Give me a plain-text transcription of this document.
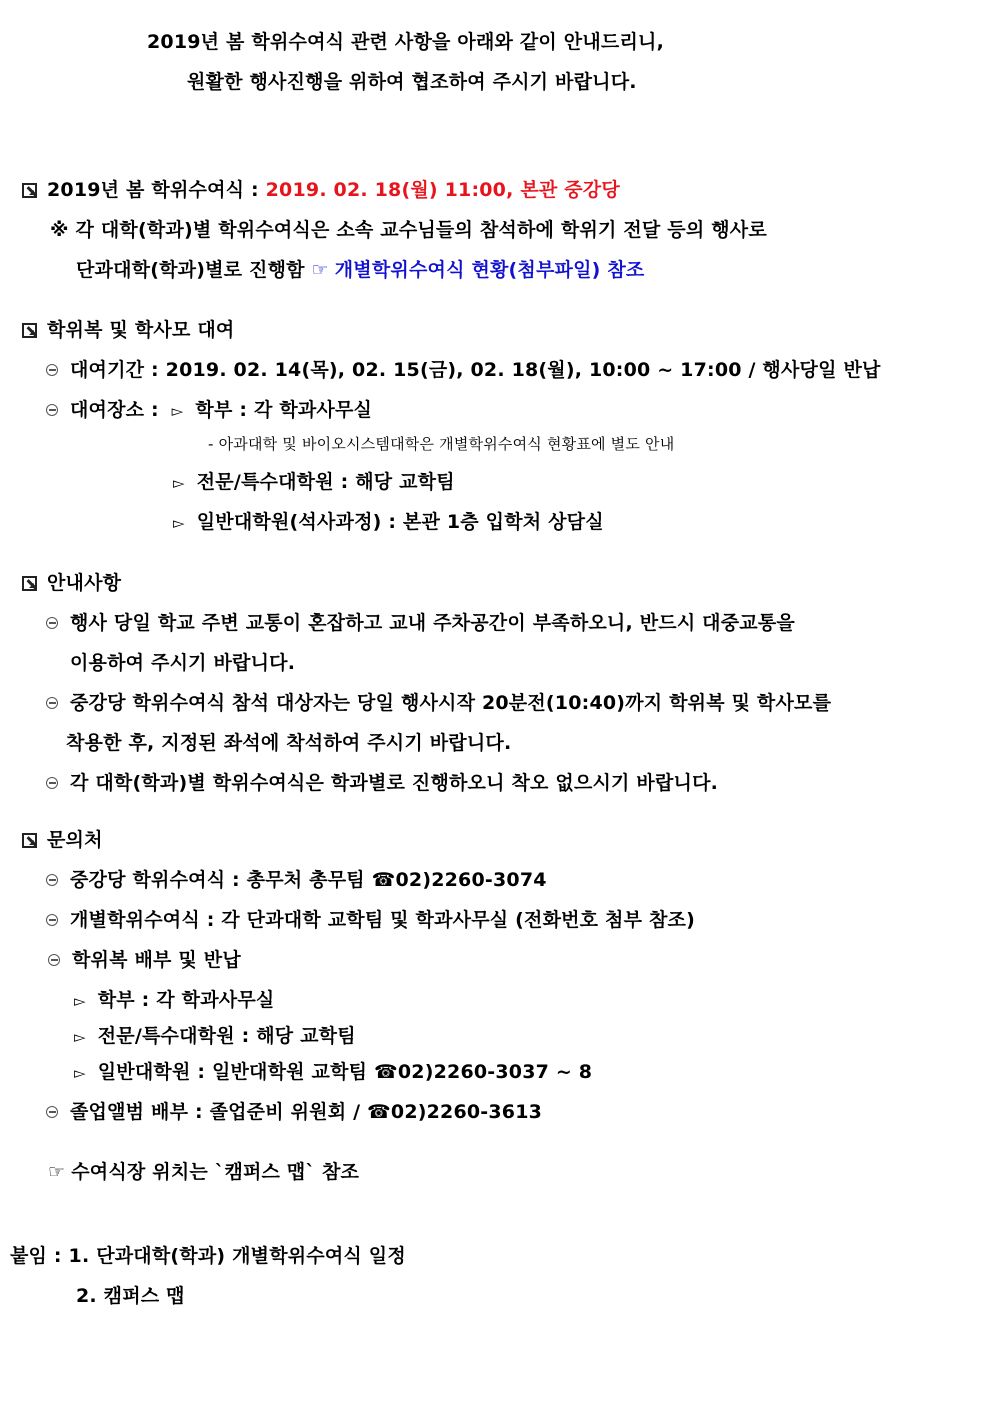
2019년 봄 학위수여식 관련 사항을 아래와 같이 안내드리니,
원활한 행사진행을 위하여 협조하여 주시기 바랍니다.
2019년 봄 학위수여식 : 2019. 02. 18(월) 11:00, 본관 중강당
※ 각 대학(학과)별 학위수여식은 소속 교수님들의 참석하에 학위기 전달 등의 행사로
단과대학(학과)별로 진행함 ☞ 개별학위수여식 현황(첨부파일) 참조
학위복 및 학사모 대여
대여기간 : 2019. 02. 14(목), 02. 15(금), 02. 18(월), 10:00 ~ 17:00 / 행사당일 반납
대여장소 : ▻ 학부 : 각 학과사무실
- 아과대학 및 바이오시스템대학은 개별학위수여식 현황표에 별도 안내
▻ 전문/특수대학원 : 해당 교학팀
▻ 일반대학원(석사과정) : 본관 1층 입학처 상담실
안내사항
행사 당일 학교 주변 교통이 혼잡하고 교내 주차공간이 부족하오니, 반드시 대중교통을
이용하여 주시기 바랍니다.
중강당 학위수여식 참석 대상자는 당일 행사시작 20분전(10:40)까지 학위복 및 학사모를
착용한 후, 지정된 좌석에 착석하여 주시기 바랍니다.
각 대학(학과)별 학위수여식은 학과별로 진행하오니 착오 없으시기 바랍니다.
문의처
중강당 학위수여식 : 총무처 총무팀 ☎02)2260-3074
개별학위수여식 : 각 단과대학 교학팀 및 학과사무실 (전화번호 첨부 참조)
학위복 배부 및 반납
▻ 학부 : 각 학과사무실
▻ 전문/특수대학원 : 해당 교학팀
▻ 일반대학원 : 일반대학원 교학팀 ☎02)2260-3037 ~ 8
졸업앨범 배부 : 졸업준비 위원회 / ☎02)2260-3613
☞ 수여식장 위치는 `캠퍼스 맵` 참조
붙임 : 1. 단과대학(학과) 개별학위수여식 일정
2. 캠퍼스 맵
